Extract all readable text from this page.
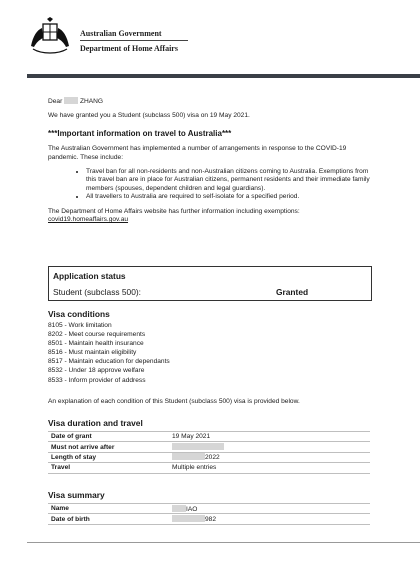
Australian Government
Department of Home Affairs

Dear	ZHANG

We have granted you a Student (subclass 500) visa on 19 May 2021.

***Important information on travel to Australia***

The Australian Government has implemented a number of arrangements in response to the COVID-19 pandemic. These include:

• Travel ban for all non-residents and non-Australian citizens coming to Australia. Exemptions from this travel ban are in place for Australian citizens, permanent residents and their immediate family members (spouses, dependent children and legal guardians).
• All travellers to Australia are required to self-isolate for a specified period.

The Department of Home Affairs website has further information including exemptions:

covid19.homeaffairs.gov.au

Application status
Student (subclass 500):	Granted
Visa conditions
8105 - Work limitation
8202 - Meet course requirements
8501 - Maintain health insurance
8516 - Must maintain eligibility
8517 - Maintain education for dependants
8532 - Under 18 approve welfare
8533 - Inform provider of address
An explanation of each condition of this Student (subclass 500) visa is provided below.
Visa duration and travel
Date of grant	19 May 2021
Must not arrive after	
Length of stay	2022
Travel	Multiple entries
Visa summary
Name	IAO
Date of birth	982
